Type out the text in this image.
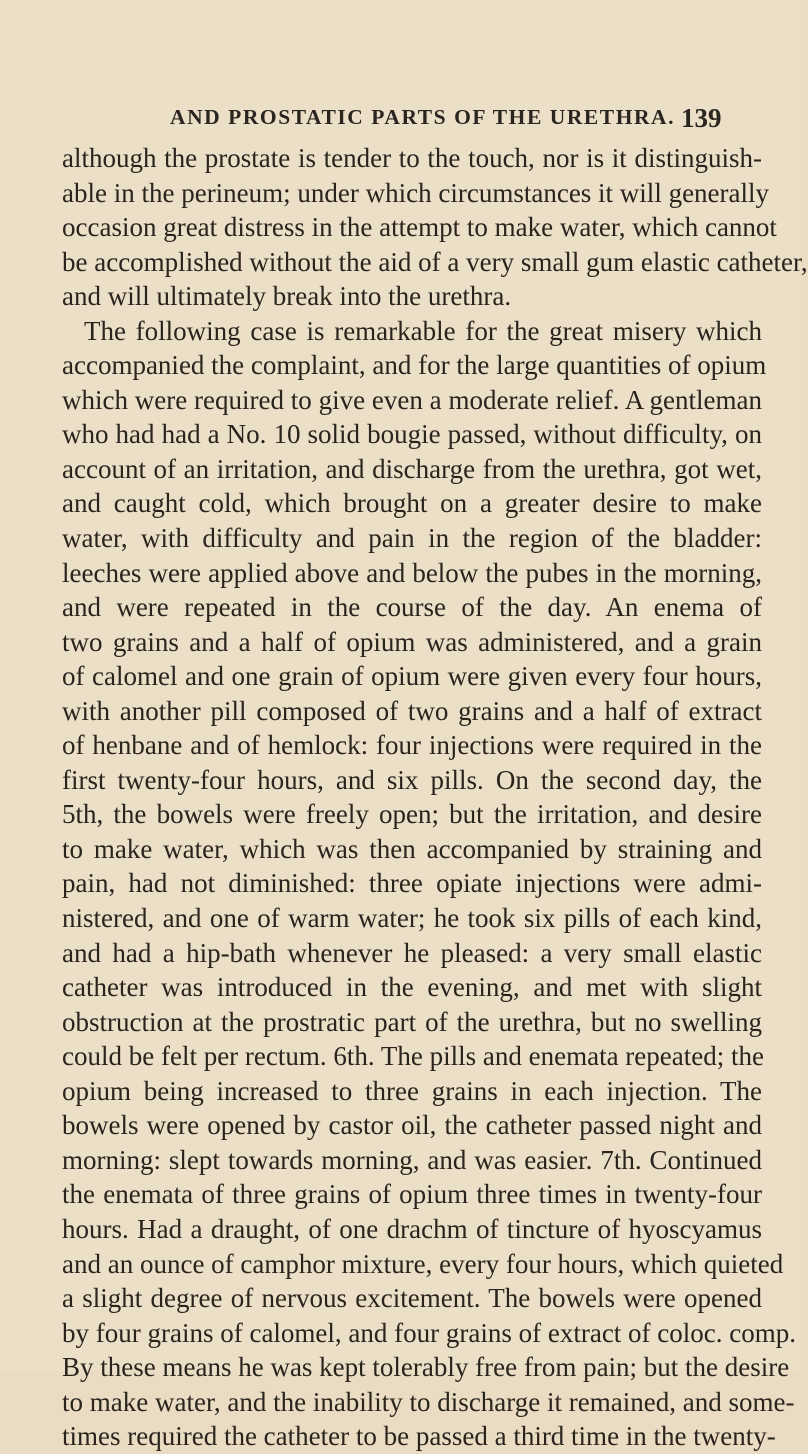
AND PROSTATIC PARTS OF THE URETHRA. 139
although the prostate is tender to the touch, nor is it distinguish-
able in the perineum; under which circumstances it will generally
occasion great distress in the attempt to make water, which cannot
be accomplished without the aid of a very small gum elastic catheter,
and will ultimately break into the urethra.
The following case is remarkable for the great misery which
accompanied the complaint, and for the large quantities of opium
which were required to give even a moderate relief. A gentleman
who had had a No. 10 solid bougie passed, without difficulty, on
account of an irritation, and discharge from the urethra, got wet,
and caught cold, which brought on a greater desire to make
water, with difficulty and pain in the region of the bladder:
leeches were applied above and below the pubes in the morning,
and were repeated in the course of the day. An enema of
two grains and a half of opium was administered, and a grain
of calomel and one grain of opium were given every four hours,
with another pill composed of two grains and a half of extract
of henbane and of hemlock: four injections were required in the
first twenty-four hours, and six pills. On the second day, the
5th, the bowels were freely open; but the irritation, and desire
to make water, which was then accompanied by straining and
pain, had not diminished: three opiate injections were admi-
nistered, and one of warm water; he took six pills of each kind,
and had a hip-bath whenever he pleased: a very small elastic
catheter was introduced in the evening, and met with slight
obstruction at the prostratic part of the urethra, but no swelling
could be felt per rectum. 6th. The pills and enemata repeated; the
opium being increased to three grains in each injection. The
bowels were opened by castor oil, the catheter passed night and
morning: slept towards morning, and was easier. 7th. Continued
the enemata of three grains of opium three times in twenty-four
hours. Had a draught, of one drachm of tincture of hyoscyamus
and an ounce of camphor mixture, every four hours, which quieted
a slight degree of nervous excitement. The bowels were opened
by four grains of calomel, and four grains of extract of coloc. comp.
By these means he was kept tolerably free from pain; but the desire
to make water, and the inability to discharge it remained, and some-
times required the catheter to be passed a third time in the twenty-
